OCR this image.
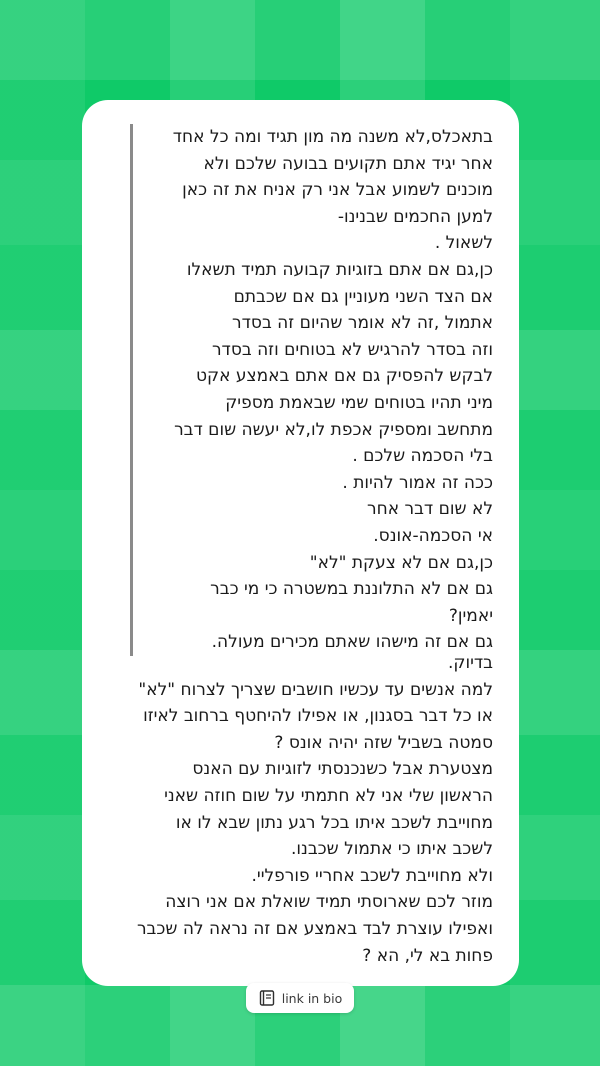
בתאכלס,לא משנה מה מון תגיד ומה כל אחד
אחר יגיד אתם תקועים בבועה שלכם ולא
מוכנים לשמוע אבל אני רק אניח את זה כאן
למען החכמים שבנינו-
לשאול .
כן,גם אם אתם בזוגיות קבועה תמיד תשאלו
אם הצד השני מעוניין גם אם שכבתם
אתמול ,זה לא אומר שהיום זה בסדר
וזה בסדר להרגיש לא בטוחים וזה בסדר
לבקש להפסיק גם אם אתם באמצע אקט
מיני תהיו בטוחים שמי שבאמת מספיק
מתחשב ומספיק אכפת לו,לא יעשה שום דבר
בלי הסכמה שלכם .
ככה זה אמור להיות .
לא שום דבר אחר
אי הסכמה-אונס.
כן,גם אם לא צעקת "לא"
גם אם לא התלוננת במשטרה כי מי כבר
יאמין?
גם אם זה מישהו שאתם מכירים מעולה.
בדיוק.
למה אנשים עד עכשיו חושבים שצריך לצרוח "לא"
או כל דבר בסגנון, או אפילו להיחטף ברחוב לאיזו
סמטה בשביל שזה יהיה אונס ?
מצטערת אבל כשנכנסתי לזוגיות עם האנס
הראשון שלי אני לא חתמתי על שום חוזה שאני
מחוייבת לשכב איתו בכל רגע נתון שבא לו או
לשכב איתו כי אתמול שכבנו.
ולא מחוייבת לשכב אחריי פורפליי.
מוזר לכם שארוסתי תמיד שואלת אם אני רוצה
ואפילו עוצרת לבד באמצע אם זה נראה לה שכבר
פחות בא לי, הא ?
link in bio
